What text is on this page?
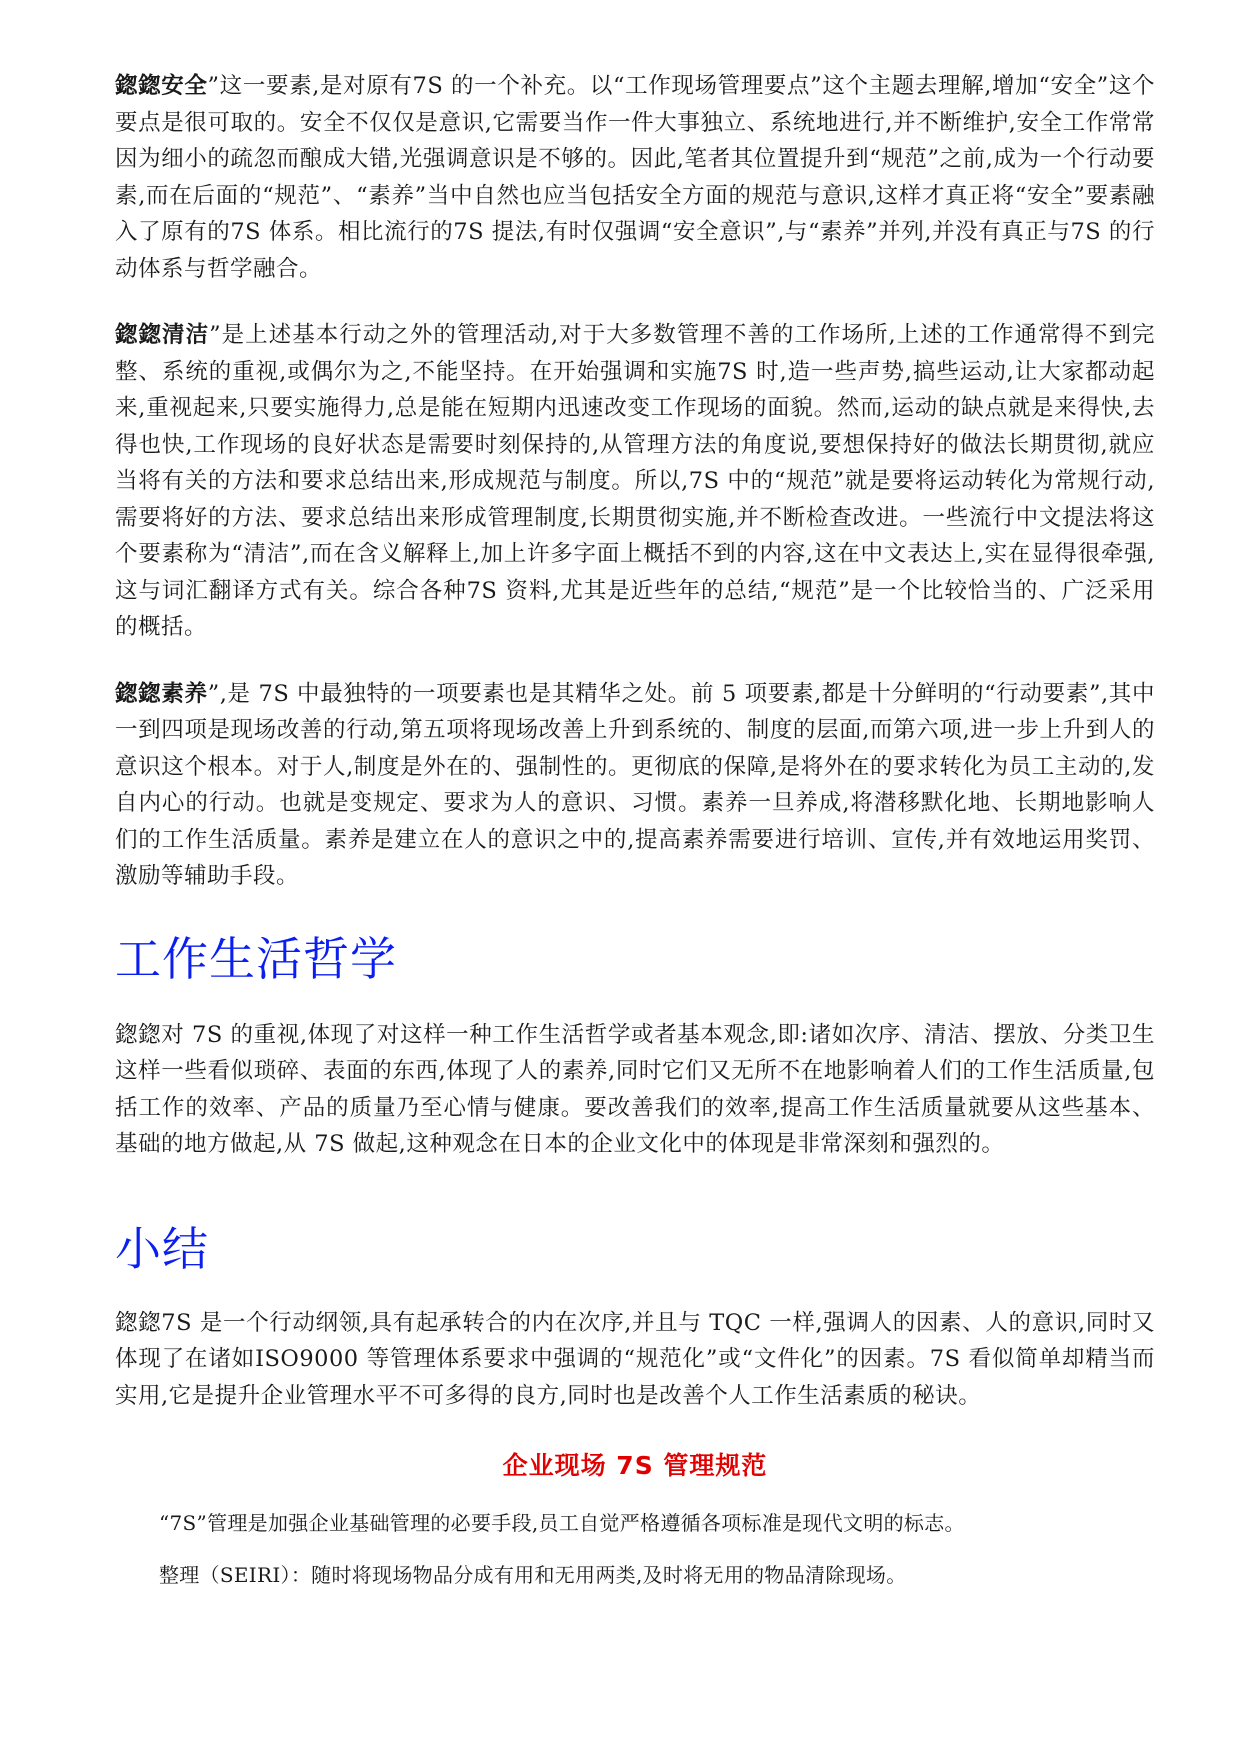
鍯鍯安全”这一要素,是对原有7S 的一个补充。以“工作现场管理要点”这个主题去理解,增加“安全”这个要点是很可取的。安全不仅仅是意识,它需要当作一件大事独立、系统地进行,并不断维护,安全工作常常因为细小的疏忽而酿成大错,光强调意识是不够的。因此,笔者其位置提升到“规范”之前,成为一个行动要素,而在后面的“规范”、“素养”当中自然也应当包括安全方面的规范与意识,这样才真正将“安全”要素融入了原有的7S 体系。相比流行的7S 提法,有时仅强调“安全意识”,与“素养”并列,并没有真正与7S 的行动体系与哲学融合。

鍯鍯清洁”是上述基本行动之外的管理活动,对于大多数管理不善的工作场所,上述的工作通常得不到完整、系统的重视,或偶尔为之,不能坚持。在开始强调和实施7S 时,造一些声势,搞些运动,让大家都动起来,重视起来,只要实施得力,总是能在短期内迅速改变工作现场的面貌。然而,运动的缺点就是来得快,去得也快,工作现场的良好状态是需要时刻保持的,从管理方法的角度说,要想保持好的做法长期贯彻,就应当将有关的方法和要求总结出来,形成规范与制度。所以,7S 中的“规范”就是要将运动转化为常规行动,需要将好的方法、要求总结出来形成管理制度,长期贯彻实施,并不断检查改进。一些流行中文提法将这个要素称为“清洁”,而在含义解释上,加上许多字面上概括不到的内容,这在中文表达上,实在显得很牵强,这与词汇翻译方式有关。综合各种7S 资料,尤其是近些年的总结,“规范”是一个比较恰当的、广泛采用的概括。

鍯鍯素养”,是 7S 中最独特的一项要素也是其精华之处。前 5 项要素,都是十分鲜明的“行动要素”,其中一到四项是现场改善的行动,第五项将现场改善上升到系统的、制度的层面,而第六项,进一步上升到人的意识这个根本。对于人,制度是外在的、强制性的。更彻底的保障,是将外在的要求转化为员工主动的,发自内心的行动。也就是变规定、要求为人的意识、习惯。素养一旦养成,将潜移默化地、长期地影响人们的工作生活质量。素养是建立在人的意识之中的,提高素养需要进行培训、宣传,并有效地运用奖罚、激励等辅助手段。

工作生活哲学

鍯鍯对 7S 的重视,体现了对这样一种工作生活哲学或者基本观念,即:诸如次序、清洁、摆放、分类卫生这样一些看似琐碎、表面的东西,体现了人的素养,同时它们又无所不在地影响着人们的工作生活质量,包括工作的效率、产品的质量乃至心情与健康。要改善我们的效率,提高工作生活质量就要从这些基本、基础的地方做起,从 7S 做起,这种观念在日本的企业文化中的体现是非常深刻和强烈的。

小结

鍯鍯7S 是一个行动纲领,具有起承转合的内在次序,并且与 TQC 一样,强调人的因素、人的意识,同时又体现了在诸如ISO9000 等管理体系要求中强调的“规范化”或“文件化”的因素。7S 看似简单却精当而实用,它是提升企业管理水平不可多得的良方,同时也是改善个人工作生活素质的秘诀。

企业现场 7S 管理规范

“7S”管理是加强企业基础管理的必要手段,员工自觉严格遵循各项标准是现代文明的标志。

整理（SEIRI）：随时将现场物品分成有用和无用两类,及时将无用的物品清除现场。
